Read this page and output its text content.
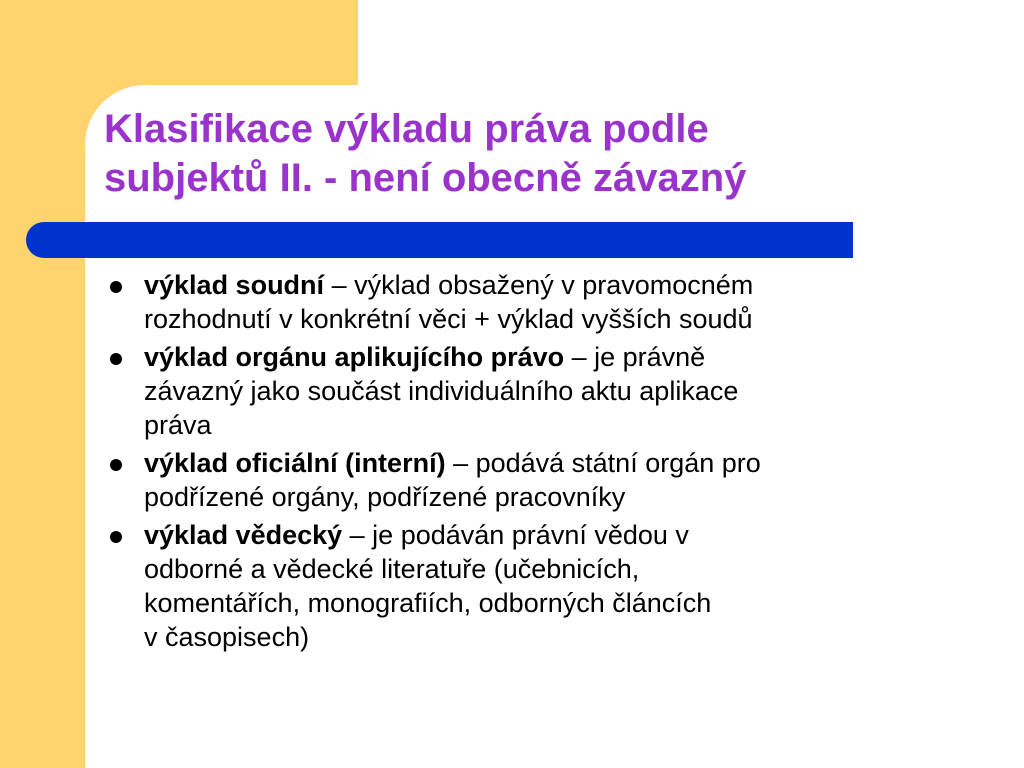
Klasifikace výkladu práva podle
subjektů II. - není obecně závazný
výklad soudní – výklad obsažený v pravomocném
rozhodnutí v konkrétní věci + výklad vyšších soudů
výklad orgánu aplikujícího právo – je právně
závazný jako součást individuálního aktu aplikace
práva
výklad oficiální (interní) – podává státní orgán pro
podřízené orgány, podřízené pracovníky
výklad vědecký – je podáván právní vědou v
odborné a vědecké literatuře (učebnicích,
komentářích, monografiích, odborných článcích
v časopisech)
